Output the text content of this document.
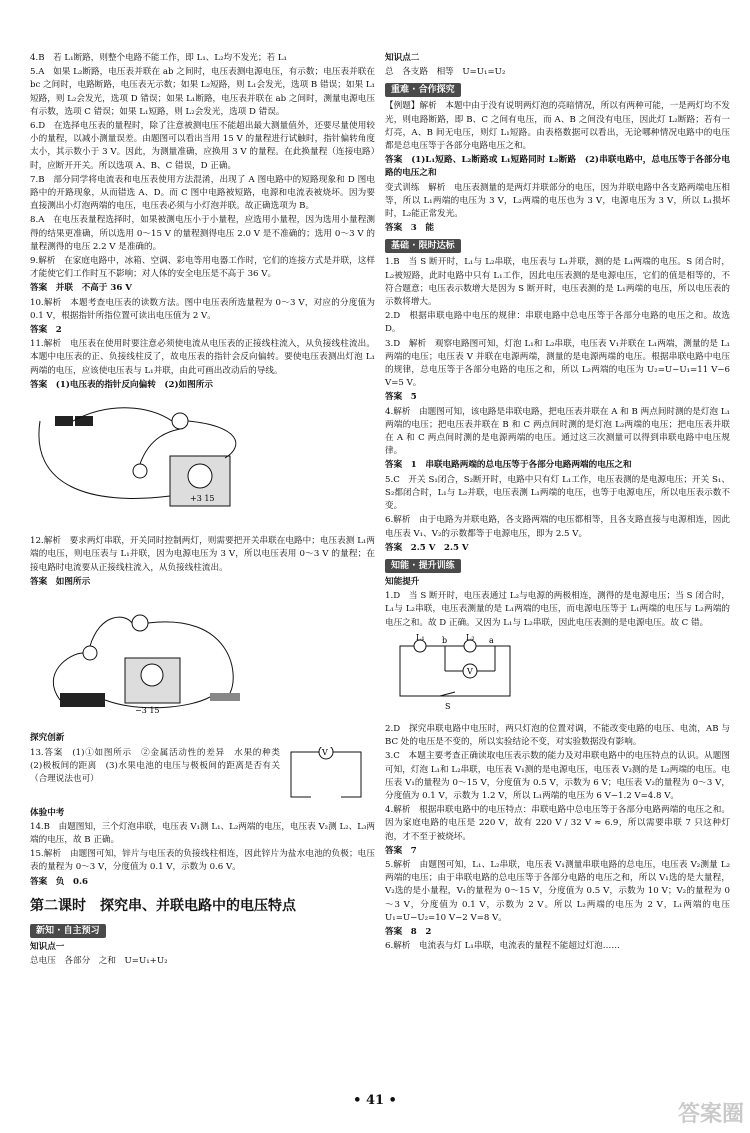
4.B　若 L₁断路，则整个电路不能工作，即 L₁、L₂均不发光；若 L₁

5.A　如果 L₂断路，电压表并联在 ab 之间时，电压表测电源电压，有示数；电压表并联在 bc 之间时，电路断路，电压表无示数；如果 L₂短路，则 L₁会发光，选项 B 错误；如果 L₁短路，则 L₂会发光，选项 D 错误；如果 L₁断路，电压表并联在 ab 之间时，测量电源电压有示数，选项 C 错误；如果 L₁短路，则 L₂会发光，选项 D 错误。

6.D　在选择电压表的量程时，除了注意被测电压不能超出最大测量值外，还要尽量使用较小的量程，以减小测量误差。由题图可以看出当用 15 V 的量程进行试触时，指针偏转角度太小，其示数小于 3 V。因此，为测量准确，应换用 3 V 的量程。在此换量程（连接电路）时，应断开开关。所以选项 A、B、C 错误，D 正确。

7.B　部分同学将电流表和电压表使用方法混淆，出现了 A 图电路中的短路现象和 D 图电路中的开路现象，从而错选 A、D。而 C 图中电路被短路，电源和电流表被烧坏。因为要直接测出小灯泡两端的电压，电压表必须与小灯泡并联。故正确选项为 B。

8.A　在电压表量程选择时，如果被测电压小于小量程，应选用小量程，因为选用小量程测得的结果更准确，所以选用 0～15 V 的量程测得电压 2.0 V 是不准确的；选用 0～3 V 的量程测得的电压 2.2 V 是准确的。

9.解析　在家庭电路中，冰箱、空调、彩电等用电器工作时，它们的连接方式是并联，这样才能使它们工作时互不影响；对人体的安全电压是不高于 36 V。

答案　并联　不高于 36 V

10.解析　本题考查电压表的读数方法。图中电压表所选量程为 0～3 V，对应的分度值为 0.1 V，根据指针所指位置可读出电压值为 2 V。

答案　2

11.解析　电压表在使用时要注意必须使电流从电压表的正接线柱流入，从负接线柱流出。本题中电压表的正、负接线柱反了，故电压表的指针会反向偏转。要使电压表测出灯泡 L₁两端的电压，应该使电压表与 L₁并联，由此可画出改动后的导线。

答案　(1)电压表的指针反向偏转　(2)如图所示

+3 15

12.解析　要求两灯串联，开关同时控制两灯，则需要把开关串联在电路中；电压表测 L₁两端的电压，则电压表与 L₁并联，因为电源电压为 3 V，所以电压表用 0～3 V 的量程；在接电路时电流要从正接线柱流入，从负接线柱流出。

答案　如图所示

−3 15

探究创新

13.答案　(1)①如图所示　②金属活动性的差异　水果的种类　(2)极板间的距离　(3)水果电池的电压与极板间的距离是否有关（合理说法也可）

V

体验中考

14.B　由题图知，三个灯泡串联，电压表 V₁测 L₁、L₂两端的电压，电压表 V₂测 L₂、L₃两端的电压，故 B 正确。

15.解析　由题图可知，锌片与电压表的负接线柱相连，因此锌片为盐水电池的负极；电压表的量程为 0～3 V，分度值为 0.1 V，示数为 0.6 V。

答案　负　0.6

第二课时　探究串、并联电路中的电压特点
新知 · 自主预习

知识点一

总电压　各部分　之和　U=U₁+U₂

知识点二

总　各支路　相等　U=U₁=U₂

重难 · 合作探究

【例题】解析　本题中由于没有说明两灯泡的亮暗情况，所以有两种可能，一是两灯均不发光，则电路断路，即 B、C 之间有电压，而 A、B 之间没有电压，因此灯 L₂断路；若有一灯亮，A、B 间无电压，则灯 L₁短路。由表格数据可以看出，无论哪种情况电路中的电压都是总电压等于各部分电路电压之和。

答案　(1)L₁短路、L₂断路或 L₁短路同时 L₂断路　(2)串联电路中，总电压等于各部分电路的电压之和

变式训练　解析　电压表测量的是两灯并联部分的电压，因为并联电路中各支路两端电压相等，所以 L₁两端的电压为 3 V，L₂两端的电压也为 3 V，电源电压为 3 V，所以 L₁损坏时，L₂能正常发光。

答案　3　能

基础 · 限时达标

1.B　当 S 断开时，L₁与 L₂串联，电压表与 L₁并联，测的是 L₁两端的电压。S 闭合时，L₂被短路，此时电路中只有 L₁工作，因此电压表测的是电源电压，它们的值是相等的，不符合题意；电压表示数增大是因为 S 断开时，电压表测的是 L₁两端的电压，所以电压表的示数将增大。

2.D　根据串联电路中电压的规律：串联电路中总电压等于各部分电路的电压之和。故选 D。

3.D　解析　观察电路图可知，灯泡 L₁和 L₂串联，电压表 V₁并联在 L₁两端，测量的是 L₁两端的电压；电压表 V 并联在电源两端，测量的是电源两端的电压。根据串联电路中电压的规律，总电压等于各部分电路的电压之和，所以 L₂两端的电压为 U₂=U−U₁=11 V−6 V=5 V。

答案　5

4.解析　由题图可知，该电路是串联电路，把电压表并联在 A 和 B 两点间时测的是灯泡 L₁两端的电压；把电压表并联在 B 和 C 两点间时测的是灯泡 L₂两端的电压；把电压表并联在 A 和 C 两点间时测的是电源两端的电压。通过这三次测量可以得到串联电路中电压规律。

答案　1　串联电路两端的总电压等于各部分电路两端的电压之和

5.C　开关 S₁闭合，S₂断开时，电路中只有灯 L₁工作，电压表测的是电源电压；开关 S₁、S₂都闭合时，L₁与 L₂并联，电压表测 L₁两端的电压，也等于电源电压，所以电压表示数不变。

6.解析　由于电路为并联电路，各支路两端的电压都相等，且各支路直接与电源相连，因此电压表 V₁、V₂的示数都等于电源电压，即为 2.5 V。

答案　2.5 V　2.5 V

知能 · 提升训练

知能提升

1.D　当 S 断开时，电压表通过 L₂与电源的两极相连，测得的是电源电压；当 S 闭合时，L₁与 L₂串联，电压表测量的是 L₁两端的电压，而电源电压等于 L₁两端的电压与 L₂两端的电压之和。故 D 正确。又因为 L₁与 L₂串联，因此电压表测的是电源电压。故 C 错。

L₁	L₂
b	a
V
S

2.D　探究串联电路中电压时，两只灯泡的位置对调，不能改变电路的电压、电流，AB 与 BC 处的电压是不变的，所以实验结论不变，对实验数据没有影响。

3.C　本题主要考查正确读取电压表示数的能力及对串联电路中的电压特点的认识。从题图可知，灯泡 L₁和 L₂串联，电压表 V₁测的是电源电压，电压表 V₂测的是 L₂两端的电压。电压表 V₁的量程为 0～15 V，分度值为 0.5 V，示数为 6 V；电压表 V₂的量程为 0～3 V，分度值为 0.1 V，示数为 1.2 V，所以 L₁两端的电压为 6 V−1.2 V=4.8 V。

4.解析　根据串联电路中的电压特点：串联电路中总电压等于各部分电路两端的电压之和。因为家庭电路的电压是 220 V，故有 220 V / 32 V ≈ 6.9，所以需要串联 7 只这种灯泡，才不至于被烧坏。

答案　7

5.解析　由题图可知，L₁、L₂串联，电压表 V₁测量串联电路的总电压，电压表 V₂测量 L₂两端的电压；由于串联电路的总电压等于各部分电路的电压之和，所以 V₁选的是大量程，V₂选的是小量程，V₁的量程为 0～15 V，分度值为 0.5 V，示数为 10 V；V₂的量程为 0～3 V，分度值为 0.1 V，示数为 2 V。所以 L₂两端的电压为 2 V，L₁两端的电压 U₁=U−U₂=10 V−2 V=8 V。

答案　8　2

6.解析　电流表与灯 L₁串联，电流表的量程不能超过灯泡……

• 41 •
答案圈
